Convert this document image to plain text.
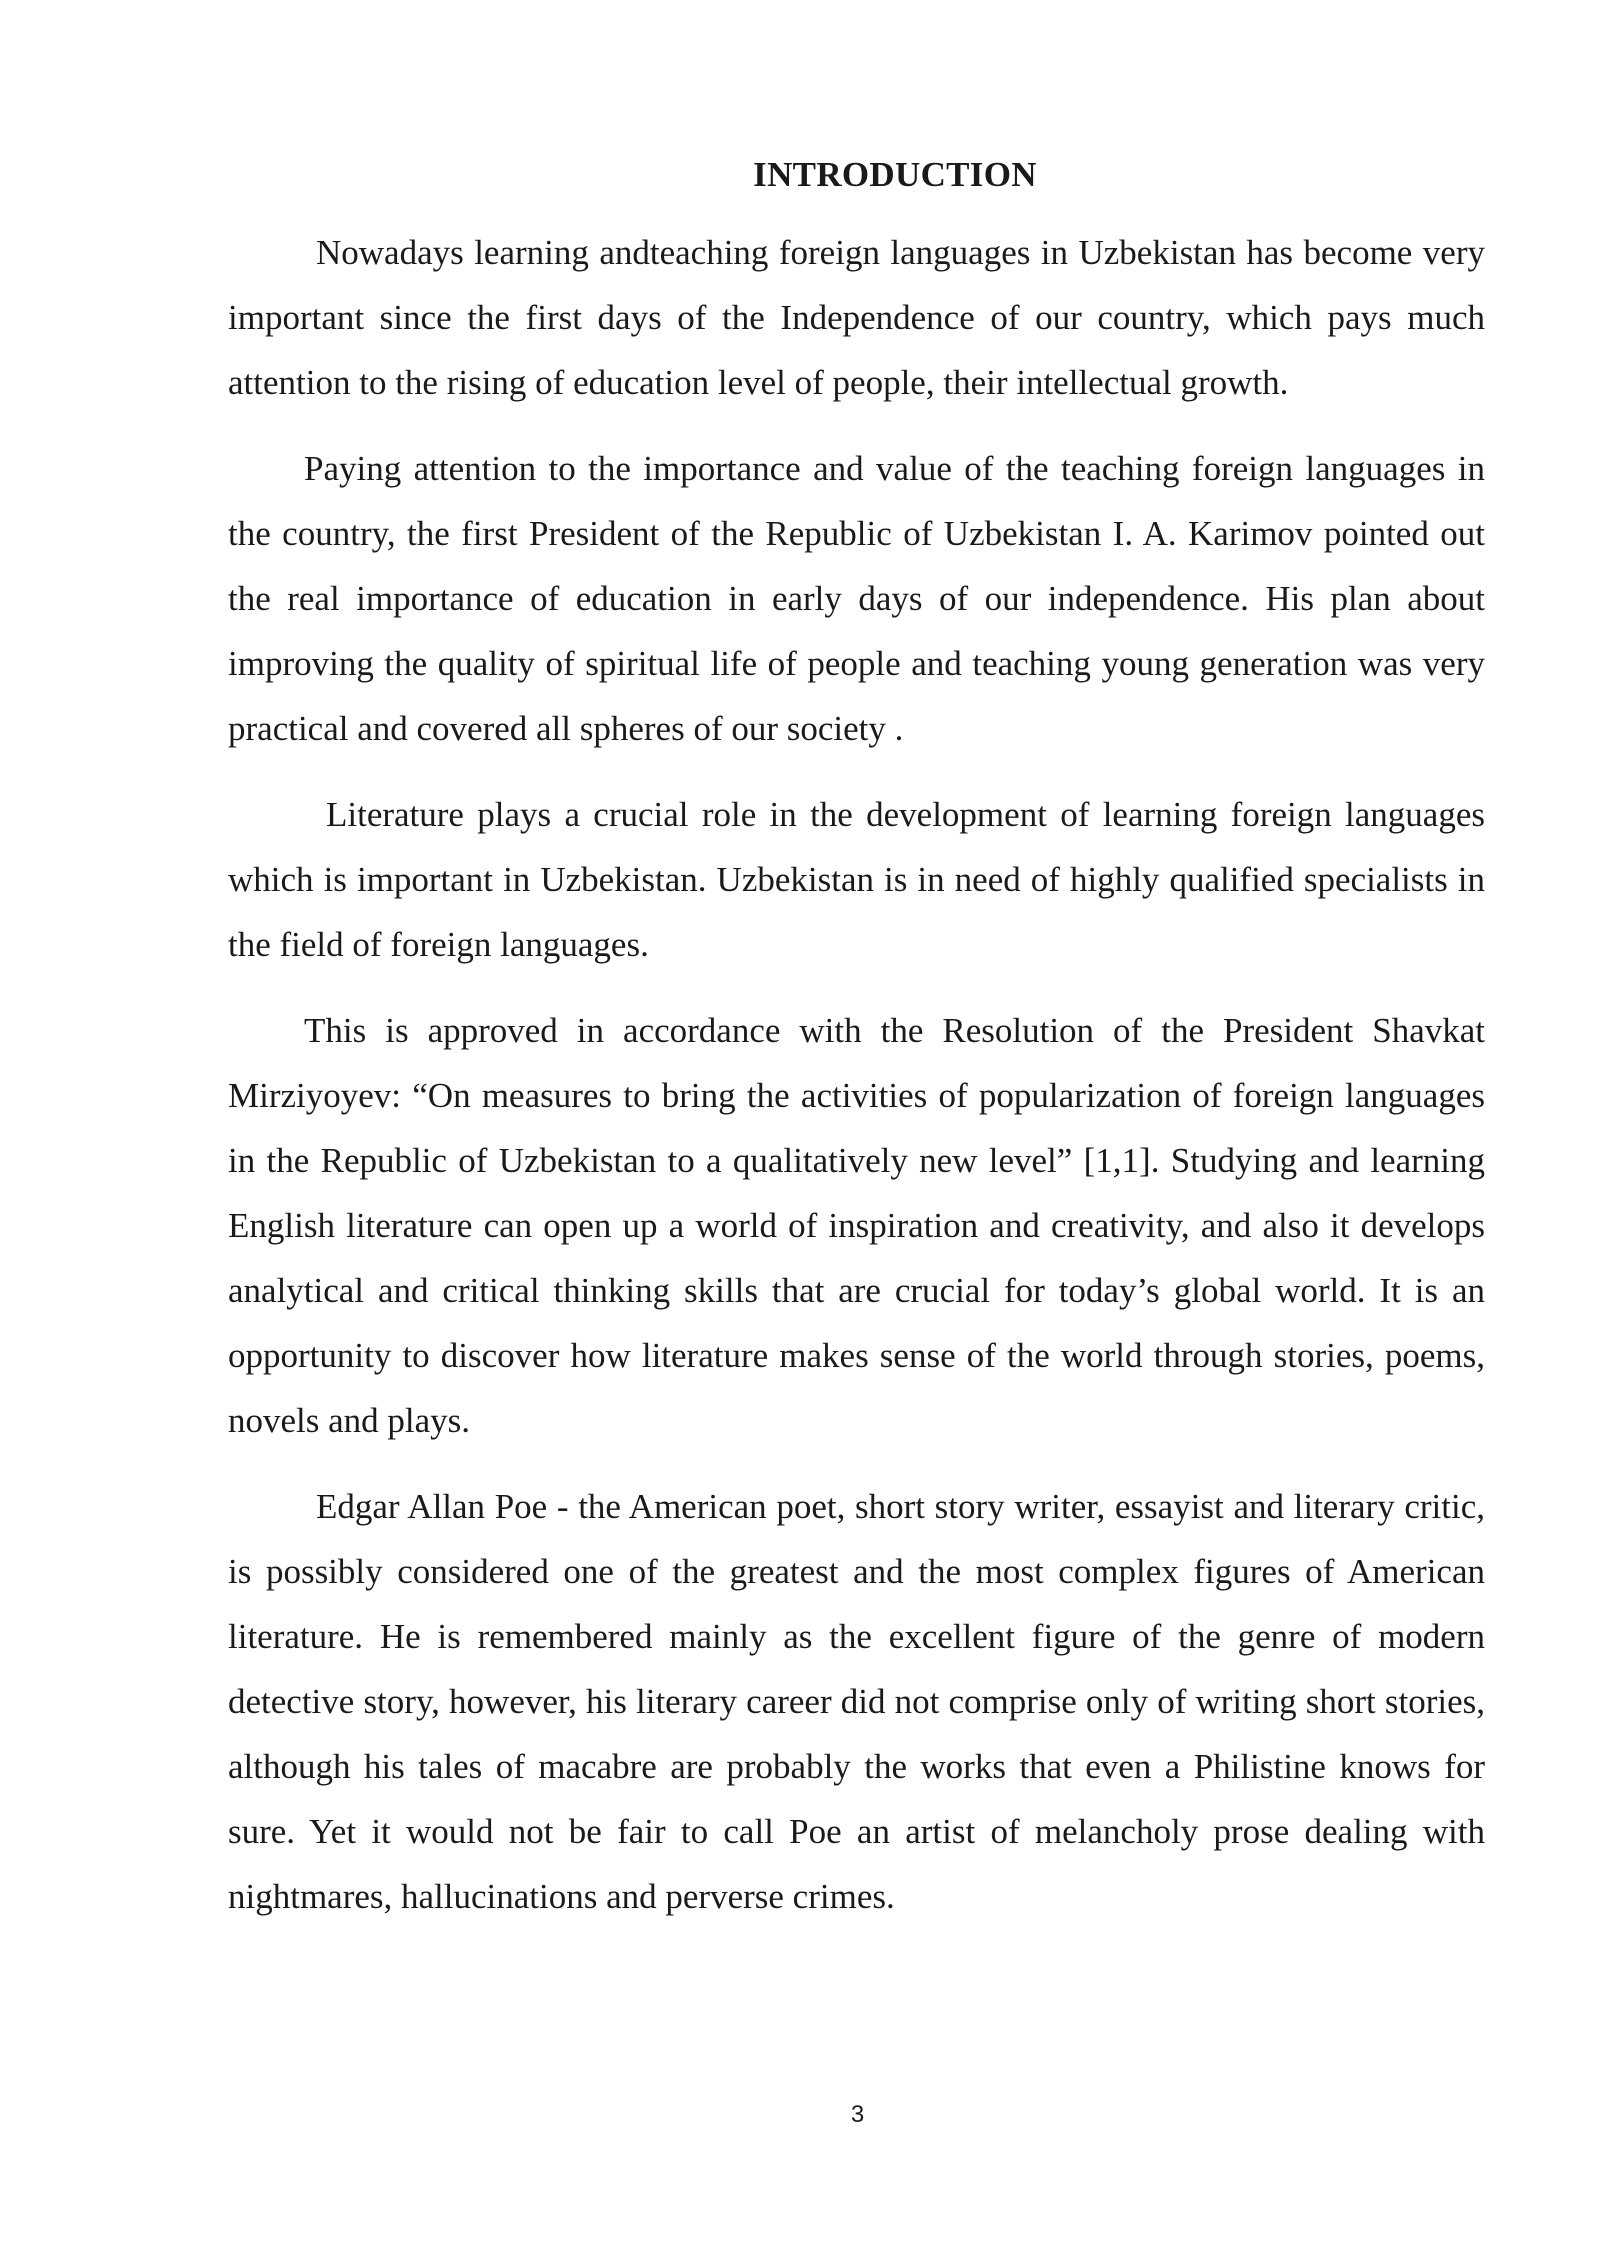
INTRODUCTION

Nowadays learning andteaching foreign languages in Uzbekistan has become very important since the first days of the Independence of our country, which pays much attention to the rising of education level of people, their intellectual growth.

Paying attention to the importance and value of the teaching foreign languages in the country, the first President of the Republic of Uzbekistan I. A. Karimov pointed out the real importance of education in early days of our independence. His plan about improving the quality of spiritual life of people and teaching young generation was very practical and covered all spheres of our society .

Literature plays a crucial role in the development of learning foreign languages which is important in Uzbekistan. Uzbekistan is in need of highly qualified specialists in the field of foreign languages.

This is approved in accordance with the Resolution of the President Shavkat Mirziyoyev: “On measures to bring the activities of popularization of foreign languages in the Republic of Uzbekistan to a qualitatively new level” [1,1]. Studying and learning English literature can open up a world of inspiration and creativity, and also it develops analytical and critical thinking skills that are crucial for today’s global world. It is an opportunity to discover how literature makes sense of the world through stories, poems, novels and plays.

Edgar Allan Poe - the American poet, short story writer, essayist and literary critic, is possibly considered one of the greatest and the most complex figures of American literature. He is remembered mainly as the excellent figure of the genre of modern detective story, however, his literary career did not comprise only of writing short stories, although his tales of macabre are probably the works that even a Philistine knows for sure. Yet it would not be fair to call Poe an artist of melancholy prose dealing with nightmares, hallucinations and perverse crimes.

3
